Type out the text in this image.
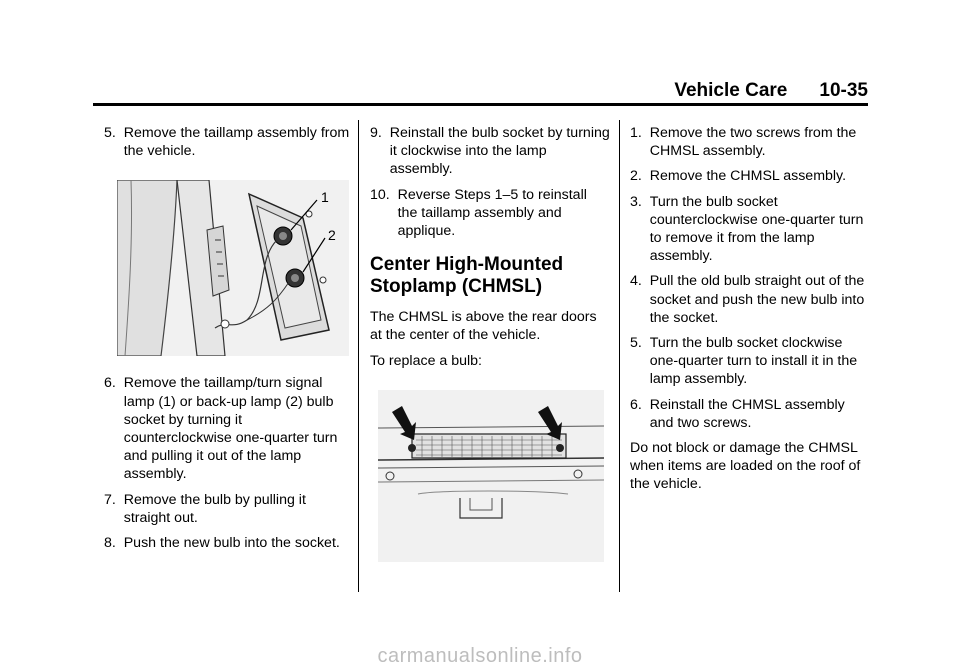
Vehicle Care 10-35
5. Remove the taillamp assembly from the vehicle.
1
2
6. Remove the taillamp/turn signal lamp (1) or back-up lamp (2) bulb socket by turning it counterclockwise one-quarter turn and pulling it out of the lamp assembly.
7. Remove the bulb by pulling it straight out.
8. Push the new bulb into the socket.
9. Reinstall the bulb socket by turning it clockwise into the lamp assembly.
10. Reverse Steps 1–5 to reinstall the taillamp assembly and applique.
Center High-Mounted Stoplamp (CHMSL)

The CHMSL is above the rear doors at the center of the vehicle.

To replace a bulb:

1. Remove the two screws from the CHMSL assembly.
2. Remove the CHMSL assembly.
3. Turn the bulb socket counterclockwise one-quarter turn to remove it from the lamp assembly.
4. Pull the old bulb straight out of the socket and push the new bulb into the socket.
5. Turn the bulb socket clockwise one-quarter turn to install it in the lamp assembly.
6. Reinstall the CHMSL assembly and two screws.

Do not block or damage the CHMSL when items are loaded on the roof of the vehicle.

carmanualsonline.info
